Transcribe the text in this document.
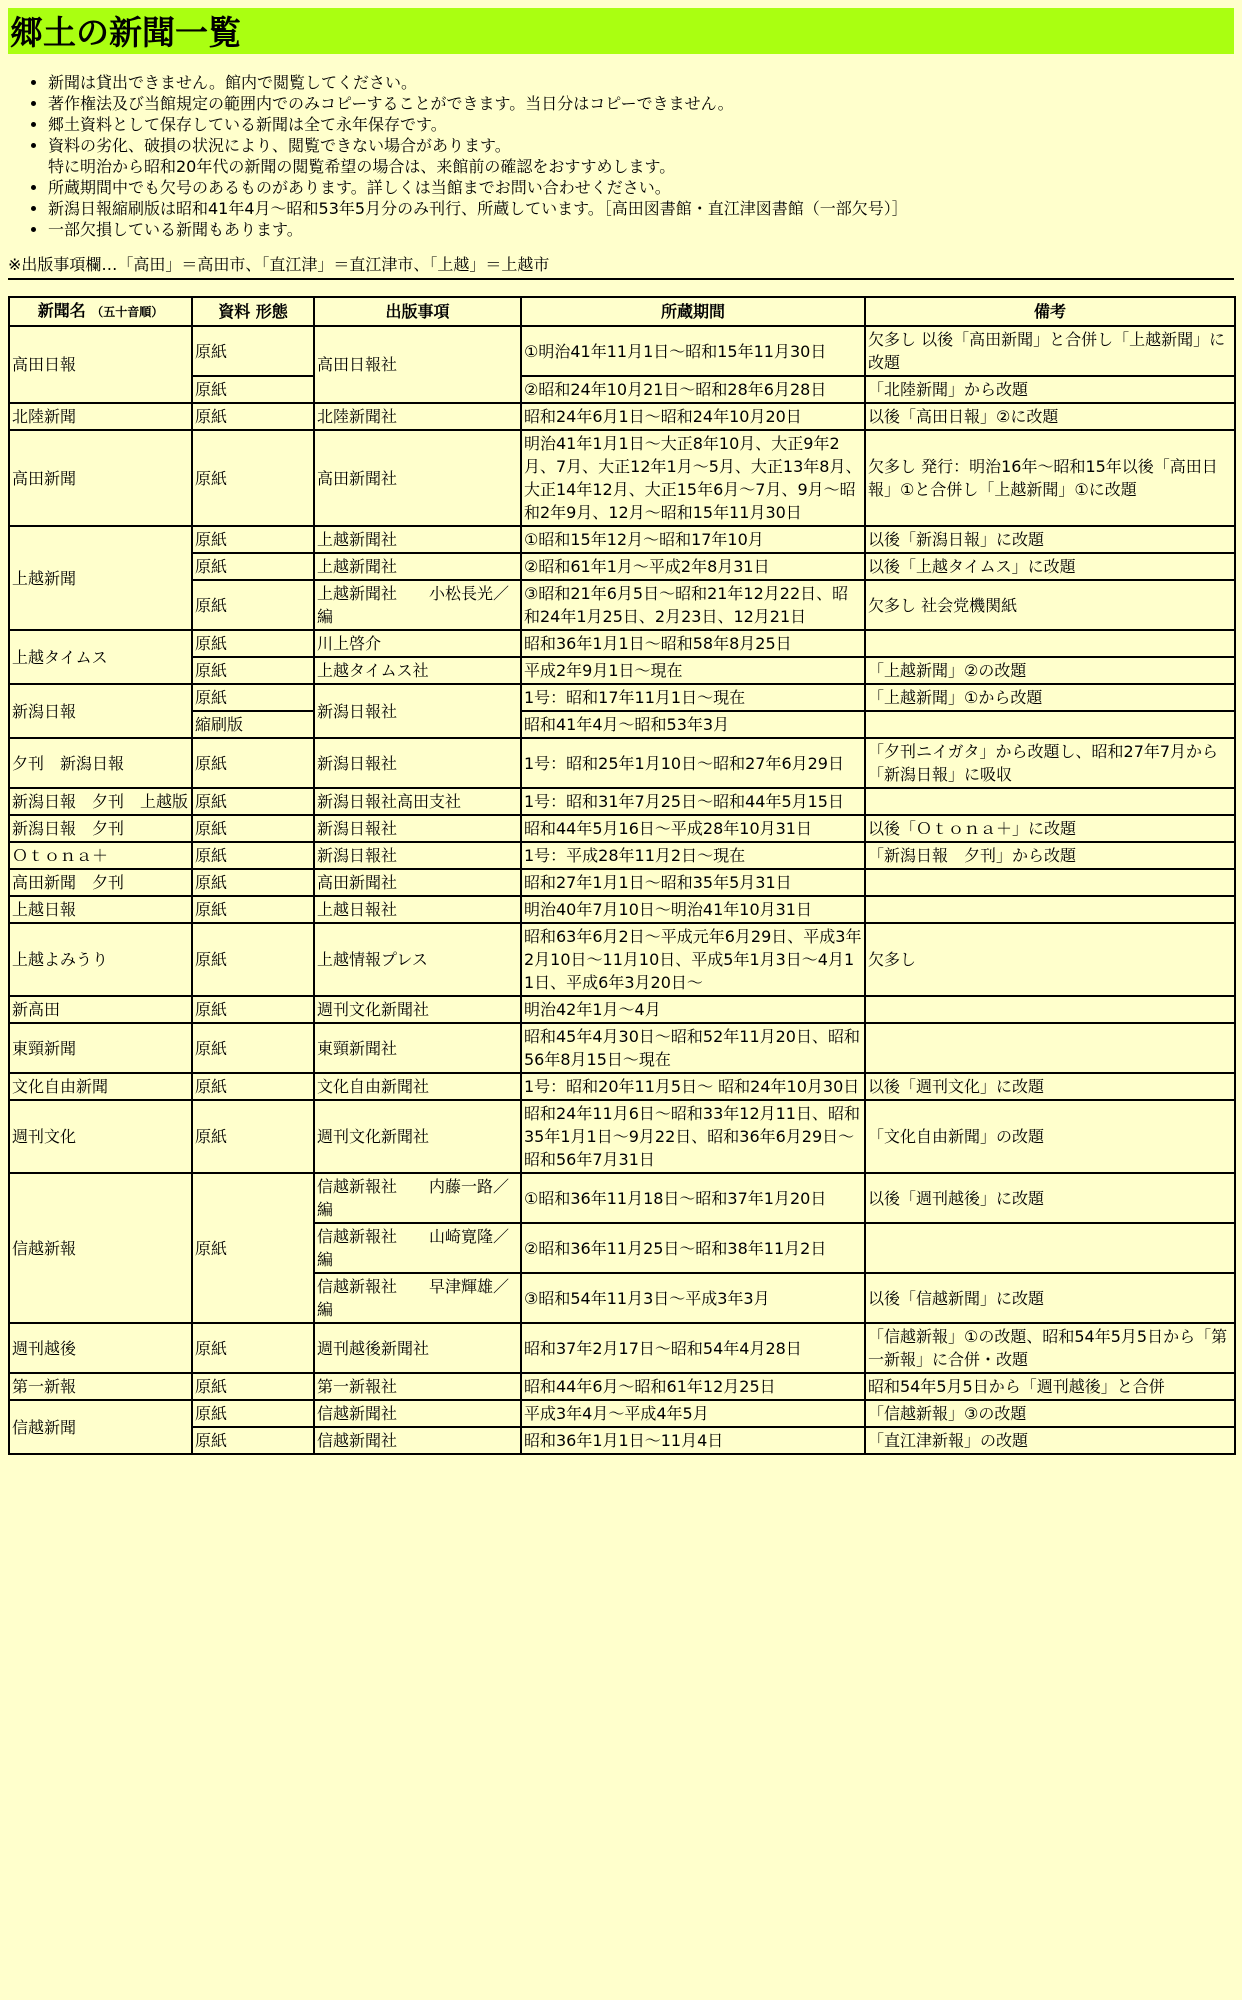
郷土の新聞一覧
• 新聞は貸出できません。館内で閲覧してください。
• 著作権法及び当館規定の範囲内でのみコピーすることができます。当日分はコピーできません。
• 郷土資料として保存している新聞は全て永年保存です。
• 資料の劣化、破損の状況により、閲覧できない場合があります。
特に明治から昭和20年代の新聞の閲覧希望の場合は、来館前の確認をおすすめします。
• 所蔵期間中でも欠号のあるものがあります。詳しくは当館までお問い合わせください。
• 新潟日報縮刷版は昭和41年4月～昭和53年5月分のみ刊行、所蔵しています。［高田図書館・直江津図書館（一部欠号）］
• 一部欠損している新聞もあります。
※出版事項欄…「高田」＝高田市、「直江津」＝直江津市、「上越」＝上越市
新聞名 （五十音順）	資料 形態	出版事項	所蔵期間	備考
高田日報	原紙	高田日報社	①明治41年11月1日～昭和15年11月30日	欠多し 以後「高田新聞」と合併し「上越新聞」に改題
	原紙		②昭和24年10月21日～昭和28年6月28日	「北陸新聞」から改題
北陸新聞	原紙	北陸新聞社	昭和24年6月1日～昭和24年10月20日	以後「高田日報」②に改題
高田新聞	原紙	高田新聞社	明治41年1月1日～大正8年10月、大正9年2月、7月、大正12年1月～5月、大正13年8月、大正14年12月、大正15年6月～7月、9月～昭和2年9月、12月～昭和15年11月30日	欠多し 発行：明治16年～昭和15年以後「高田日報」①と合併し「上越新聞」①に改題
上越新聞	原紙	上越新聞社	①昭和15年12月～昭和17年10月	以後「新潟日報」に改題
	原紙	上越新聞社	②昭和61年1月～平成2年8月31日	以後「上越タイムス」に改題
	原紙	上越新聞社　　小松長光／編	③昭和21年6月5日～昭和21年12月22日、昭和24年1月25日、2月23日、12月21日	欠多し 社会党機関紙
上越タイムス	原紙	川上啓介	昭和36年1月1日～昭和58年8月25日	
	原紙	上越タイムス社	平成2年9月1日～現在	「上越新聞」②の改題
新潟日報	原紙	新潟日報社	1号：昭和17年11月1日～現在	「上越新聞」①から改題
	縮刷版		昭和41年4月～昭和53年3月	
夕刊　新潟日報	原紙	新潟日報社	1号：昭和25年1月10日～昭和27年6月29日	「夕刊ニイガタ」から改題し、昭和27年7月から「新潟日報」に吸収
新潟日報　夕刊　上越版	原紙	新潟日報社高田支社	1号：昭和31年7月25日～昭和44年5月15日	
新潟日報　夕刊	原紙	新潟日報社	昭和44年5月16日～平成28年10月31日	以後「Ｏｔｏｎａ＋」に改題
Ｏｔｏｎａ＋	原紙	新潟日報社	1号：平成28年11月2日～現在	「新潟日報　夕刊」から改題
高田新聞　夕刊	原紙	高田新聞社	昭和27年1月1日～昭和35年5月31日	
上越日報	原紙	上越日報社	明治40年7月10日～明治41年10月31日	
上越よみうり	原紙	上越情報プレス	昭和63年6月2日～平成元年6月29日、平成3年2月10日～11月10日、平成5年1月3日～4月11日、平成6年3月20日～	欠多し
新高田	原紙	週刊文化新聞社	明治42年1月～4月	
東頸新聞	原紙	東頸新聞社	昭和45年4月30日～昭和52年11月20日、昭和56年8月15日～現在	
文化自由新聞	原紙	文化自由新聞社	1号：昭和20年11月5日～ 昭和24年10月30日	以後「週刊文化」に改題
週刊文化	原紙	週刊文化新聞社	昭和24年11月6日～昭和33年12月11日、昭和35年1月1日～9月22日、昭和36年6月29日～昭和56年7月31日	「文化自由新聞」の改題
信越新報	原紙	信越新報社　　内藤一路／編	①昭和36年11月18日～昭和37年1月20日	以後「週刊越後」に改題
		信越新報社　　山崎寛隆／編	②昭和36年11月25日～昭和38年11月2日	
		信越新報社　　早津輝雄／編	③昭和54年11月3日～平成3年3月	以後「信越新聞」に改題
週刊越後	原紙	週刊越後新聞社	昭和37年2月17日～昭和54年4月28日	「信越新報」①の改題、昭和54年5月5日から「第一新報」に合併・改題
第一新報	原紙	第一新報社	昭和44年6月～昭和61年12月25日	昭和54年5月5日から「週刊越後」と合併
信越新聞	原紙	信越新聞社	平成3年4月～平成4年5月	「信越新報」③の改題
	原紙	信越新聞社	昭和36年1月1日～11月4日	「直江津新報」の改題
